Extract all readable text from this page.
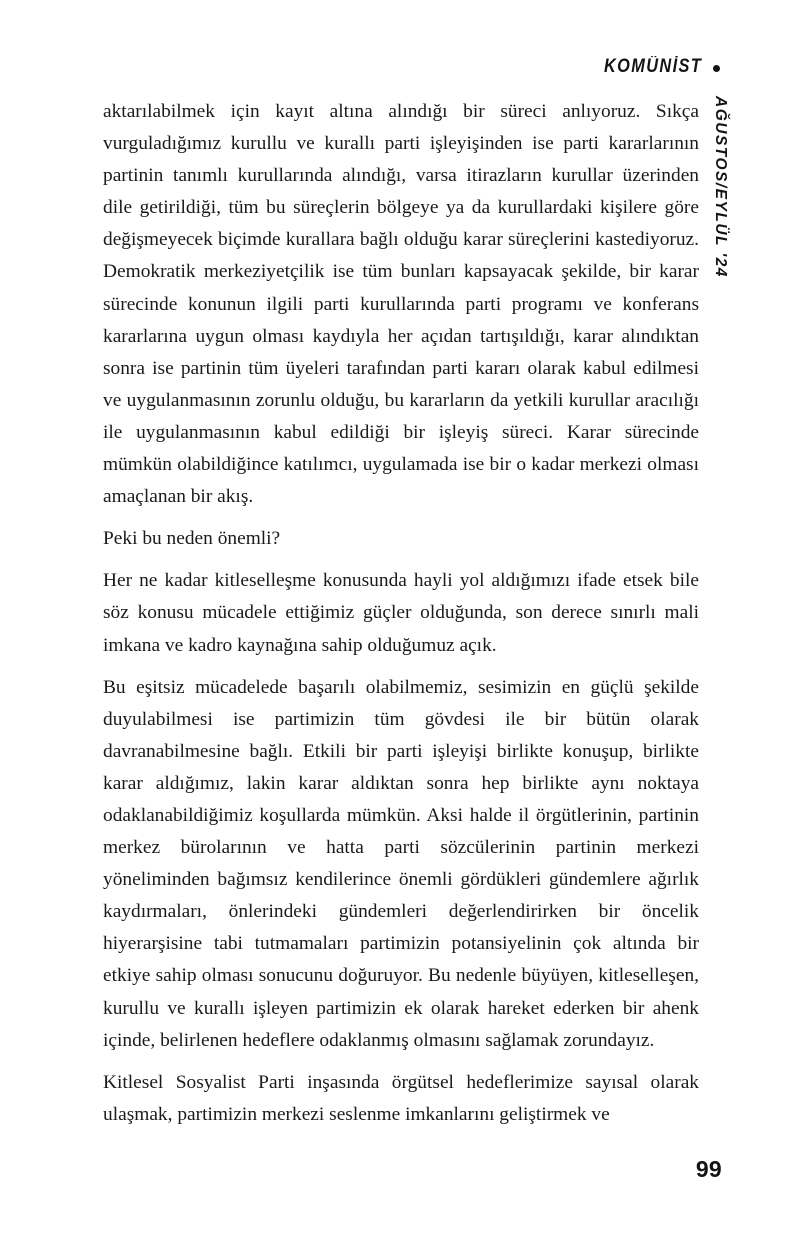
KOMÜNİST
AĞUSTOS/EYLÜL '24

aktarılabilmek için kayıt altına alındığı bir süreci anlıyoruz. Sıkça vurguladığımız kurullu ve kurallı parti işleyişinden ise parti kararlarının partinin tanımlı kurullarında alındığı, varsa itirazların kurullar üzerinden dile getirildiği, tüm bu süreçlerin bölgeye ya da kurullardaki kişilere göre değişmeyecek biçimde kurallara bağlı olduğu karar süreçlerini kastediyoruz. Demokratik merkeziyetçilik ise tüm bunları kapsayacak şekilde, bir karar sürecinde konunun ilgili parti kurullarında parti programı ve konferans kararlarına uygun olması kaydıyla her açıdan tartışıldığı, karar alındıktan sonra ise partinin tüm üyeleri tarafından parti kararı olarak kabul edilmesi ve uygulanmasının zorunlu olduğu, bu kararların da yetkili kurullar aracılığı ile uygulanmasının kabul edildiği bir işleyiş süreci. Karar sürecinde mümkün olabildiğince katılımcı, uygulamada ise bir o kadar merkezi olması amaçlanan bir akış.

Peki bu neden önemli?

Her ne kadar kitleselleşme konusunda hayli yol aldığımızı ifade etsek bile söz konusu mücadele ettiğimiz güçler olduğunda, son derece sınırlı mali imkana ve kadro kaynağına sahip olduğumuz açık.

Bu eşitsiz mücadelede başarılı olabilmemiz, sesimizin en güçlü şekilde duyulabilmesi ise partimizin tüm gövdesi ile bir bütün olarak davranabilmesine bağlı. Etkili bir parti işleyişi birlikte konuşup, birlikte karar aldığımız, lakin karar aldıktan sonra hep birlikte aynı noktaya odaklanabildiğimiz koşullarda mümkün. Aksi halde il örgütlerinin, partinin merkez bürolarının ve hatta parti sözcülerinin partinin merkezi yöneliminden bağımsız kendilerince önemli gördükleri gündemlere ağırlık kaydırmaları, önlerindeki gündemleri değerlendirirken bir öncelik hiyerarşisine tabi tutmamaları partimizin potansiyelinin çok altında bir etkiye sahip olması sonucunu doğuruyor. Bu nedenle büyüyen, kitleselleşen, kurullu ve kurallı işleyen partimizin ek olarak hareket ederken bir ahenk içinde, belirlenen hedeflere odaklanmış olmasını sağlamak zorundayız.

Kitlesel Sosyalist Parti inşasında örgütsel hedeflerimize sayısal olarak ulaşmak, partimizin merkezi seslenme imkanlarını geliştirmek ve

99
